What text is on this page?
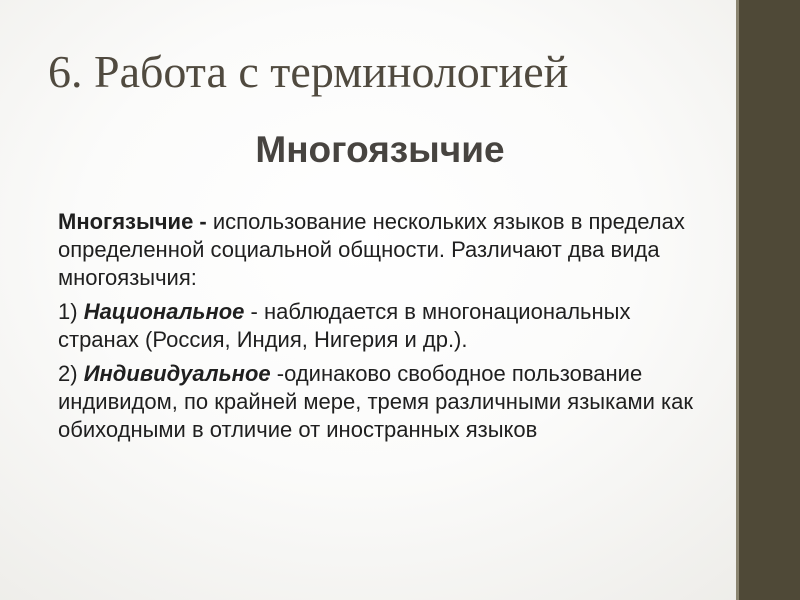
6. Работа с терминологией
Многоязычие

Многязычие - использование нескольких языков в пределах определенной социальной общности. Различают два вида многоязычия:

1) Национальное - наблюдается в многонациональных странах (Россия, Индия, Нигерия и др.).

2) Индивидуальное -одинаково свободное пользование индивидом, по крайней мере, тремя различными языками как обиходными в отличие от иностранных языков
